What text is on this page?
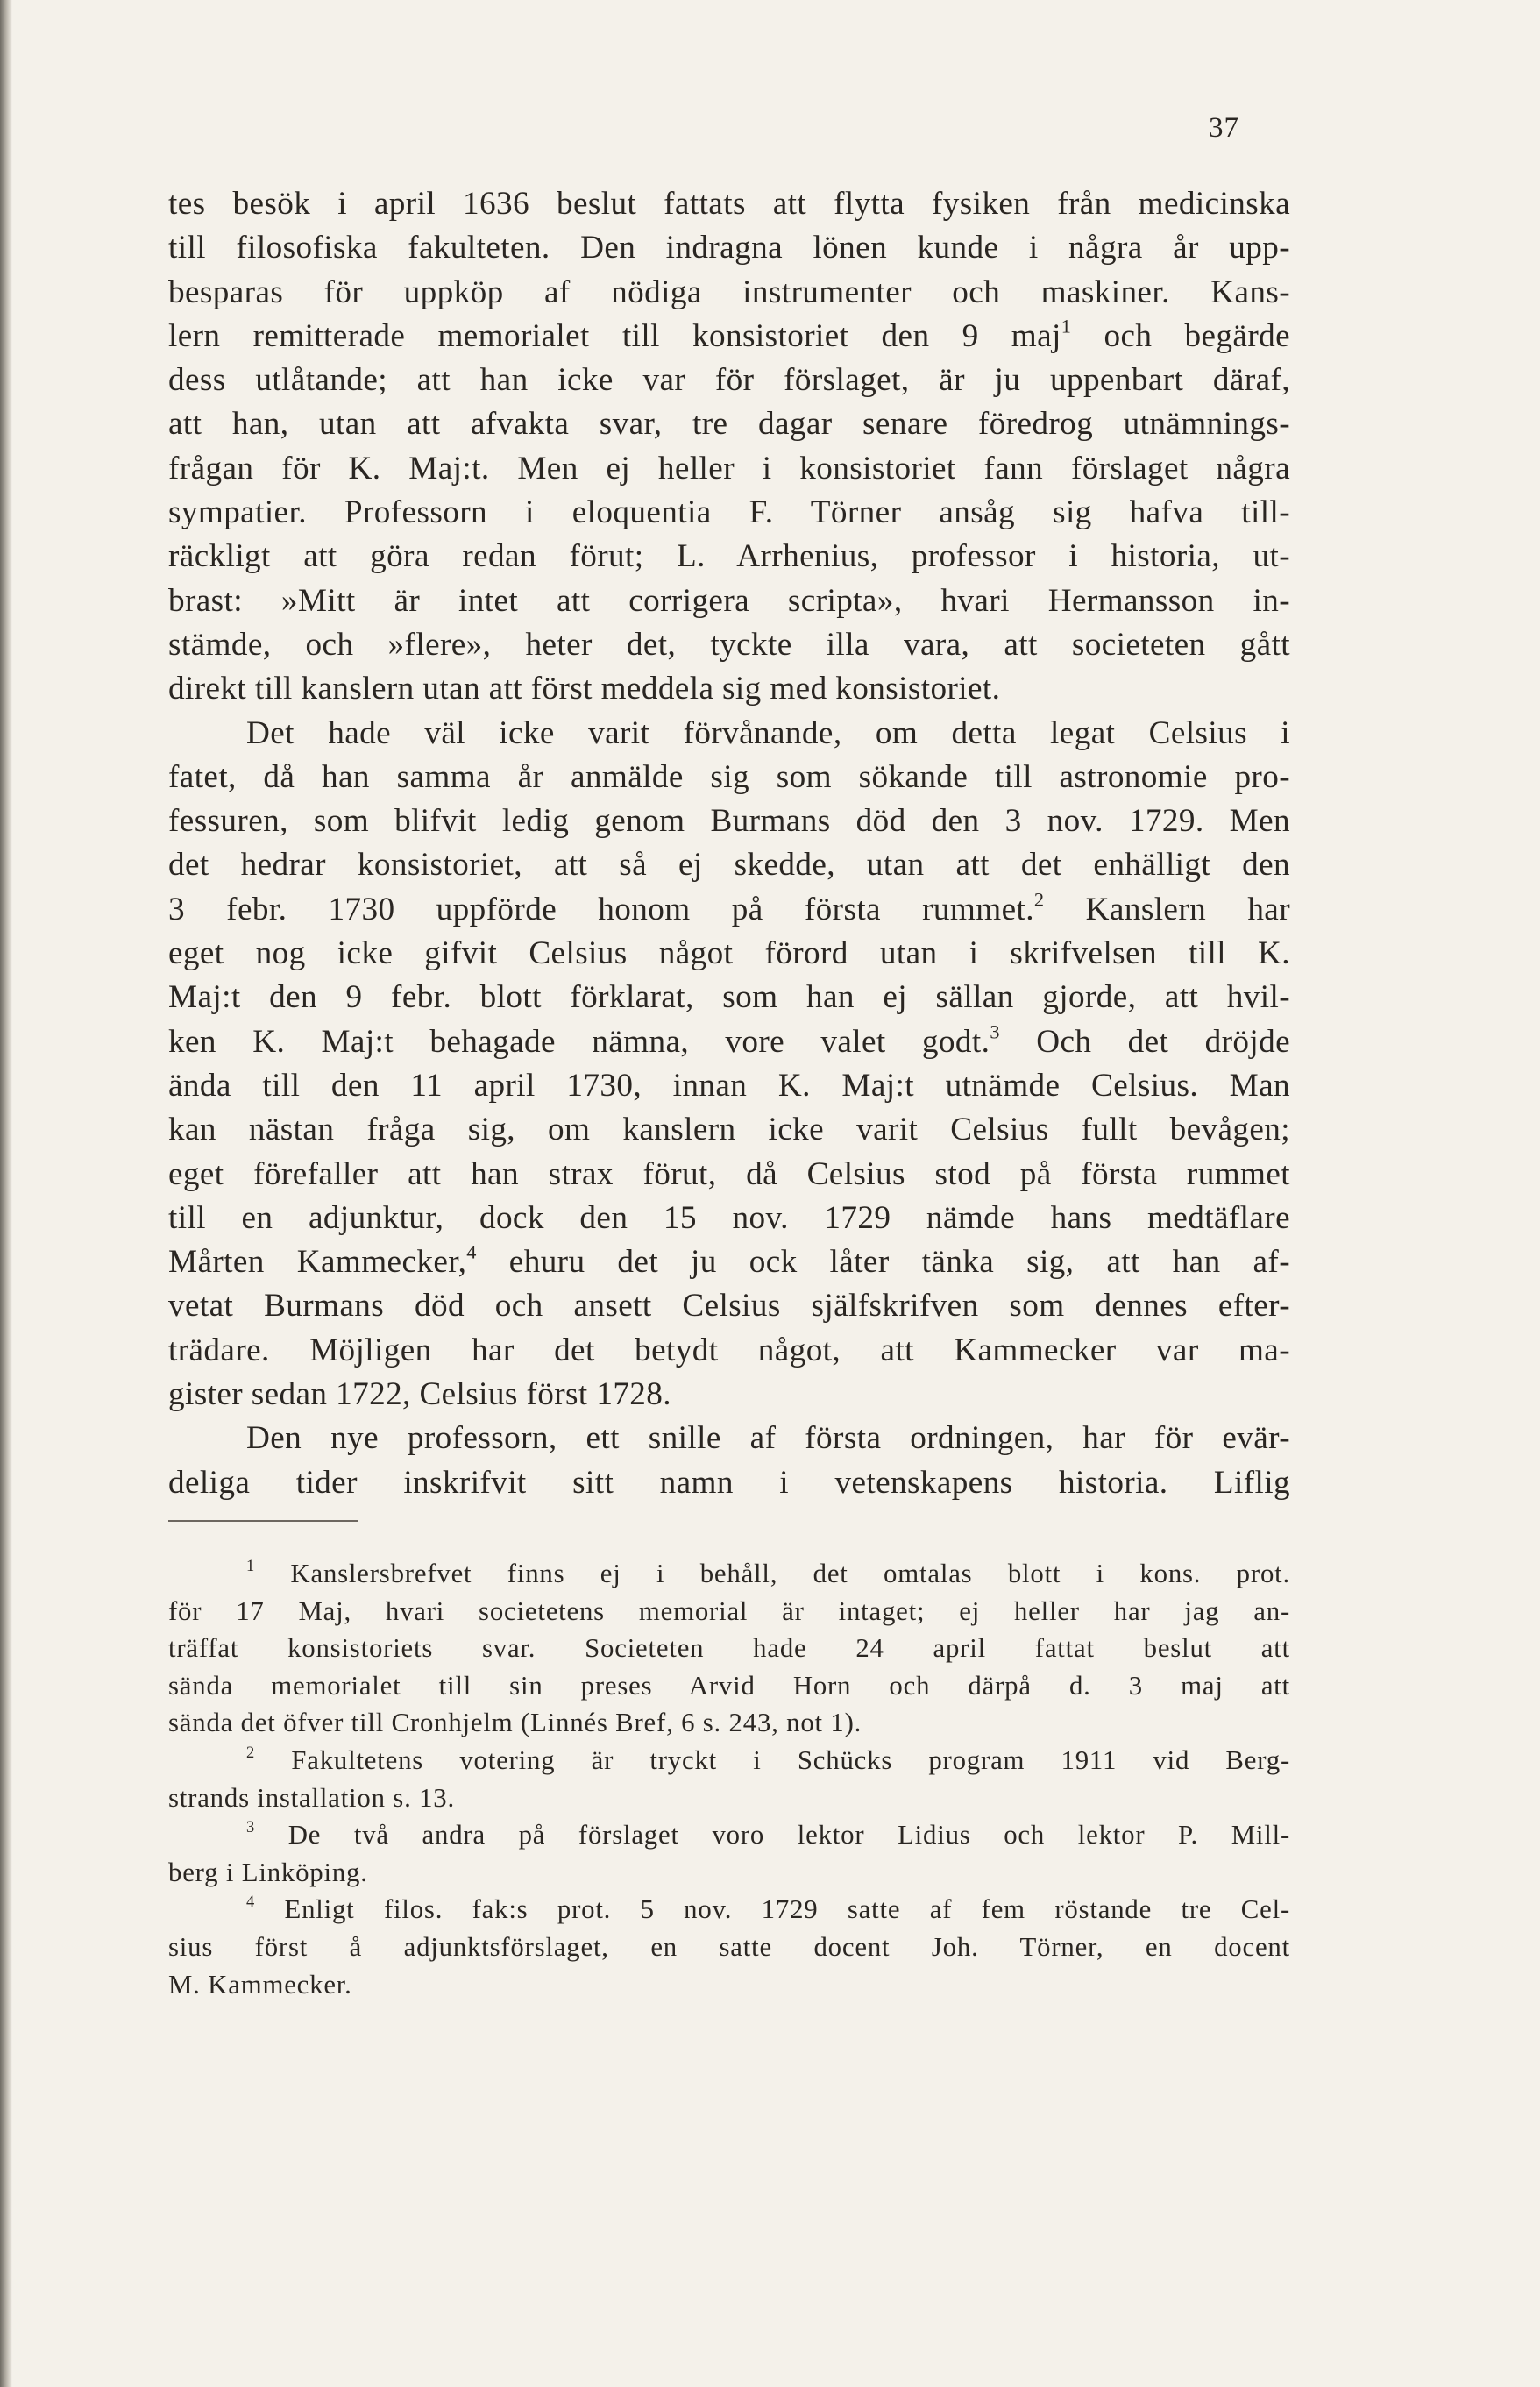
37
tes besök i april 1636 beslut fattats att flytta fysiken från medicinska
till filosofiska fakulteten. Den indragna lönen kunde i några år upp-
besparas för uppköp af nödiga instrumenter och maskiner. Kans-
lern remitterade memorialet till konsistoriet den 9 maj$^1$ och begärde
dess utlåtande; att han icke var för förslaget, är ju uppenbart däraf,
att han, utan att afvakta svar, tre dagar senare föredrog utnämnings-
frågan för K. Maj:t. Men ej heller i konsistoriet fann förslaget några
sympatier. Professorn i eloquentia F. Törner ansåg sig hafva till-
räckligt att göra redan förut; L. Arrhenius, professor i historia, ut-
brast: »Mitt är intet att corrigera scripta», hvari Hermansson in-
stämde, och »flere», heter det, tyckte illa vara, att societeten gått
direkt till kanslern utan att först meddela sig med konsistoriet.
Det hade väl icke varit förvånande, om detta legat Celsius i
fatet, då han samma år anmälde sig som sökande till astronomie pro-
fessuren, som blifvit ledig genom Burmans död den 3 nov. 1729. Men
det hedrar konsistoriet, att så ej skedde, utan att det enhälligt den
3 febr. 1730 uppförde honom på första rummet.$^2$ Kanslern har
eget nog icke gifvit Celsius något förord utan i skrifvelsen till K.
Maj:t den 9 febr. blott förklarat, som han ej sällan gjorde, att hvil-
ken K. Maj:t behagade nämna, vore valet godt.$^3$ Och det dröjde
ända till den 11 april 1730, innan K. Maj:t utnämde Celsius. Man
kan nästan fråga sig, om kanslern icke varit Celsius fullt bevågen;
eget förefaller att han strax förut, då Celsius stod på första rummet
till en adjunktur, dock den 15 nov. 1729 nämde hans medtäflare
Mårten Kammecker,$^4$ ehuru det ju ock låter tänka sig, att han af-
vetat Burmans död och ansett Celsius själfskrifven som dennes efter-
trädare. Möjligen har det betydt något, att Kammecker var ma-
gister sedan 1722, Celsius först 1728.
Den nye professorn, ett snille af första ordningen, har för evär-
deliga tider inskrifvit sitt namn i vetenskapens historia. Liflig
$^1$ Kanslersbrefvet finns ej i behåll, det omtalas blott i kons. prot.
för 17 Maj, hvari societetens memorial är intaget; ej heller har jag an-
träffat konsistoriets svar. Societeten hade 24 april fattat beslut att
sända memorialet till sin preses Arvid Horn och därpå d. 3 maj att
sända det öfver till Cronhjelm (Linnés Bref, 6 s. 243, not 1).
$^2$ Fakultetens votering är tryckt i Schücks program 1911 vid Berg-
strands installation s. 13.
$^3$ De två andra på förslaget voro lektor Lidius och lektor P. Mill-
berg i Linköping.
$^4$ Enligt filos. fak:s prot. 5 nov. 1729 satte af fem röstande tre Cel-
sius först å adjunktsförslaget, en satte docent Joh. Törner, en docent
M. Kammecker.
